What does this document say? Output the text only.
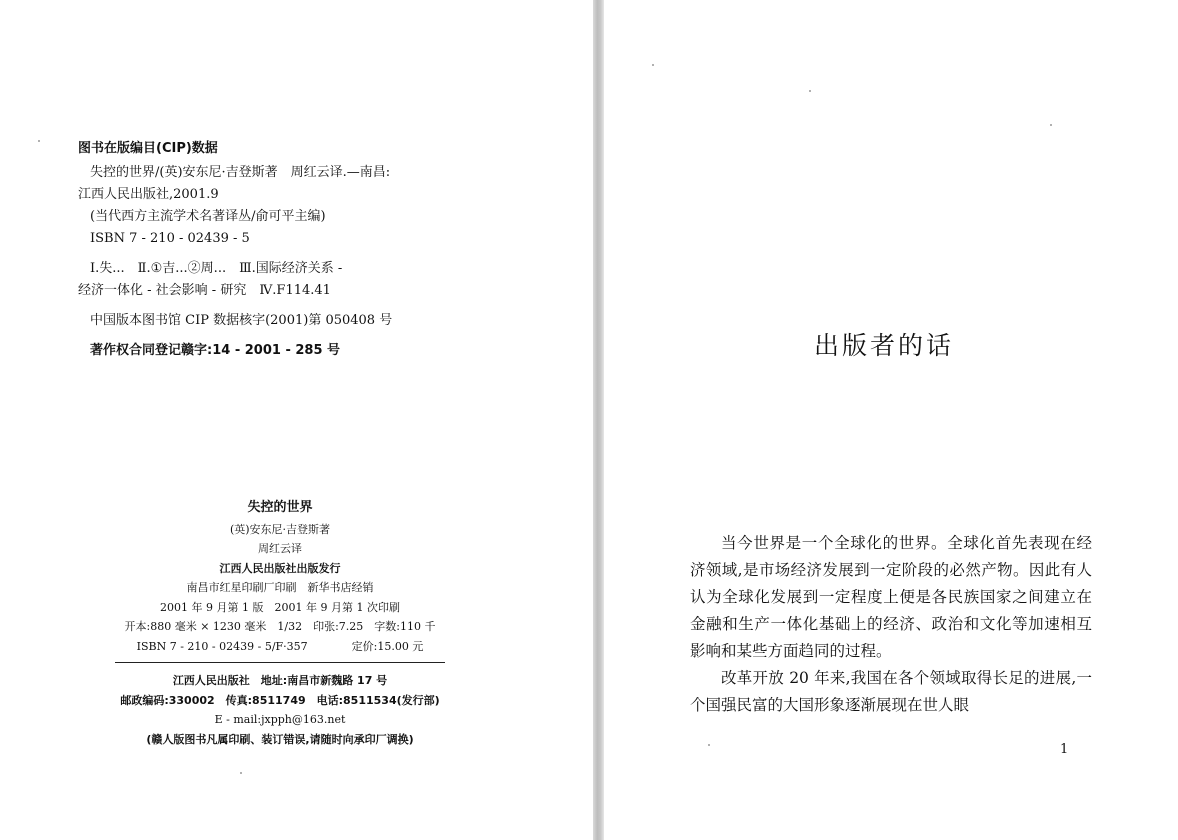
图书在版编目(CIP)数据
失控的世界/(英)安东尼·吉登斯著　周红云译.—南昌:
江西人民出版社,2001.9
(当代西方主流学术名著译丛/俞可平主编)
ISBN 7 - 210 - 02439 - 5
Ⅰ.失...　Ⅱ.①吉...②周...　Ⅲ.国际经济关系 -
经济一体化 - 社会影响 - 研究　Ⅳ.F114.41
中国版本图书馆 CIP 数据核字(2001)第 050408 号
著作权合同登记赣字:14 - 2001 - 285 号
失控的世界
(英)安东尼·吉登斯著
周红云译
江西人民出版社出版发行
南昌市红星印刷厂印刷　新华书店经销
2001 年 9 月第 1 版　2001 年 9 月第 1 次印刷
开本:880 毫米 × 1230 毫米　1/32　印张:7.25　字数:110 千
ISBN 7 - 210 - 02439 - 5/F·357　　　　定价:15.00 元
江西人民出版社　地址:南昌市新魏路 17 号
邮政编码:330002　传真:8511749　电话:8511534(发行部)
E - mail:jxpph@163.net
(赣人版图书凡属印刷、装订错误,请随时向承印厂调换)
出版者的话

当今世界是一个全球化的世界。全球化首先表现在经济领域,是市场经济发展到一定阶段的必然产物。因此有人认为全球化发展到一定程度上便是各民族国家之间建立在金融和生产一体化基础上的经济、政治和文化等加速相互影响和某些方面趋同的过程。

改革开放 20 年来,我国在各个领域取得长足的进展,一个国强民富的大国形象逐渐展现在世人眼

1
